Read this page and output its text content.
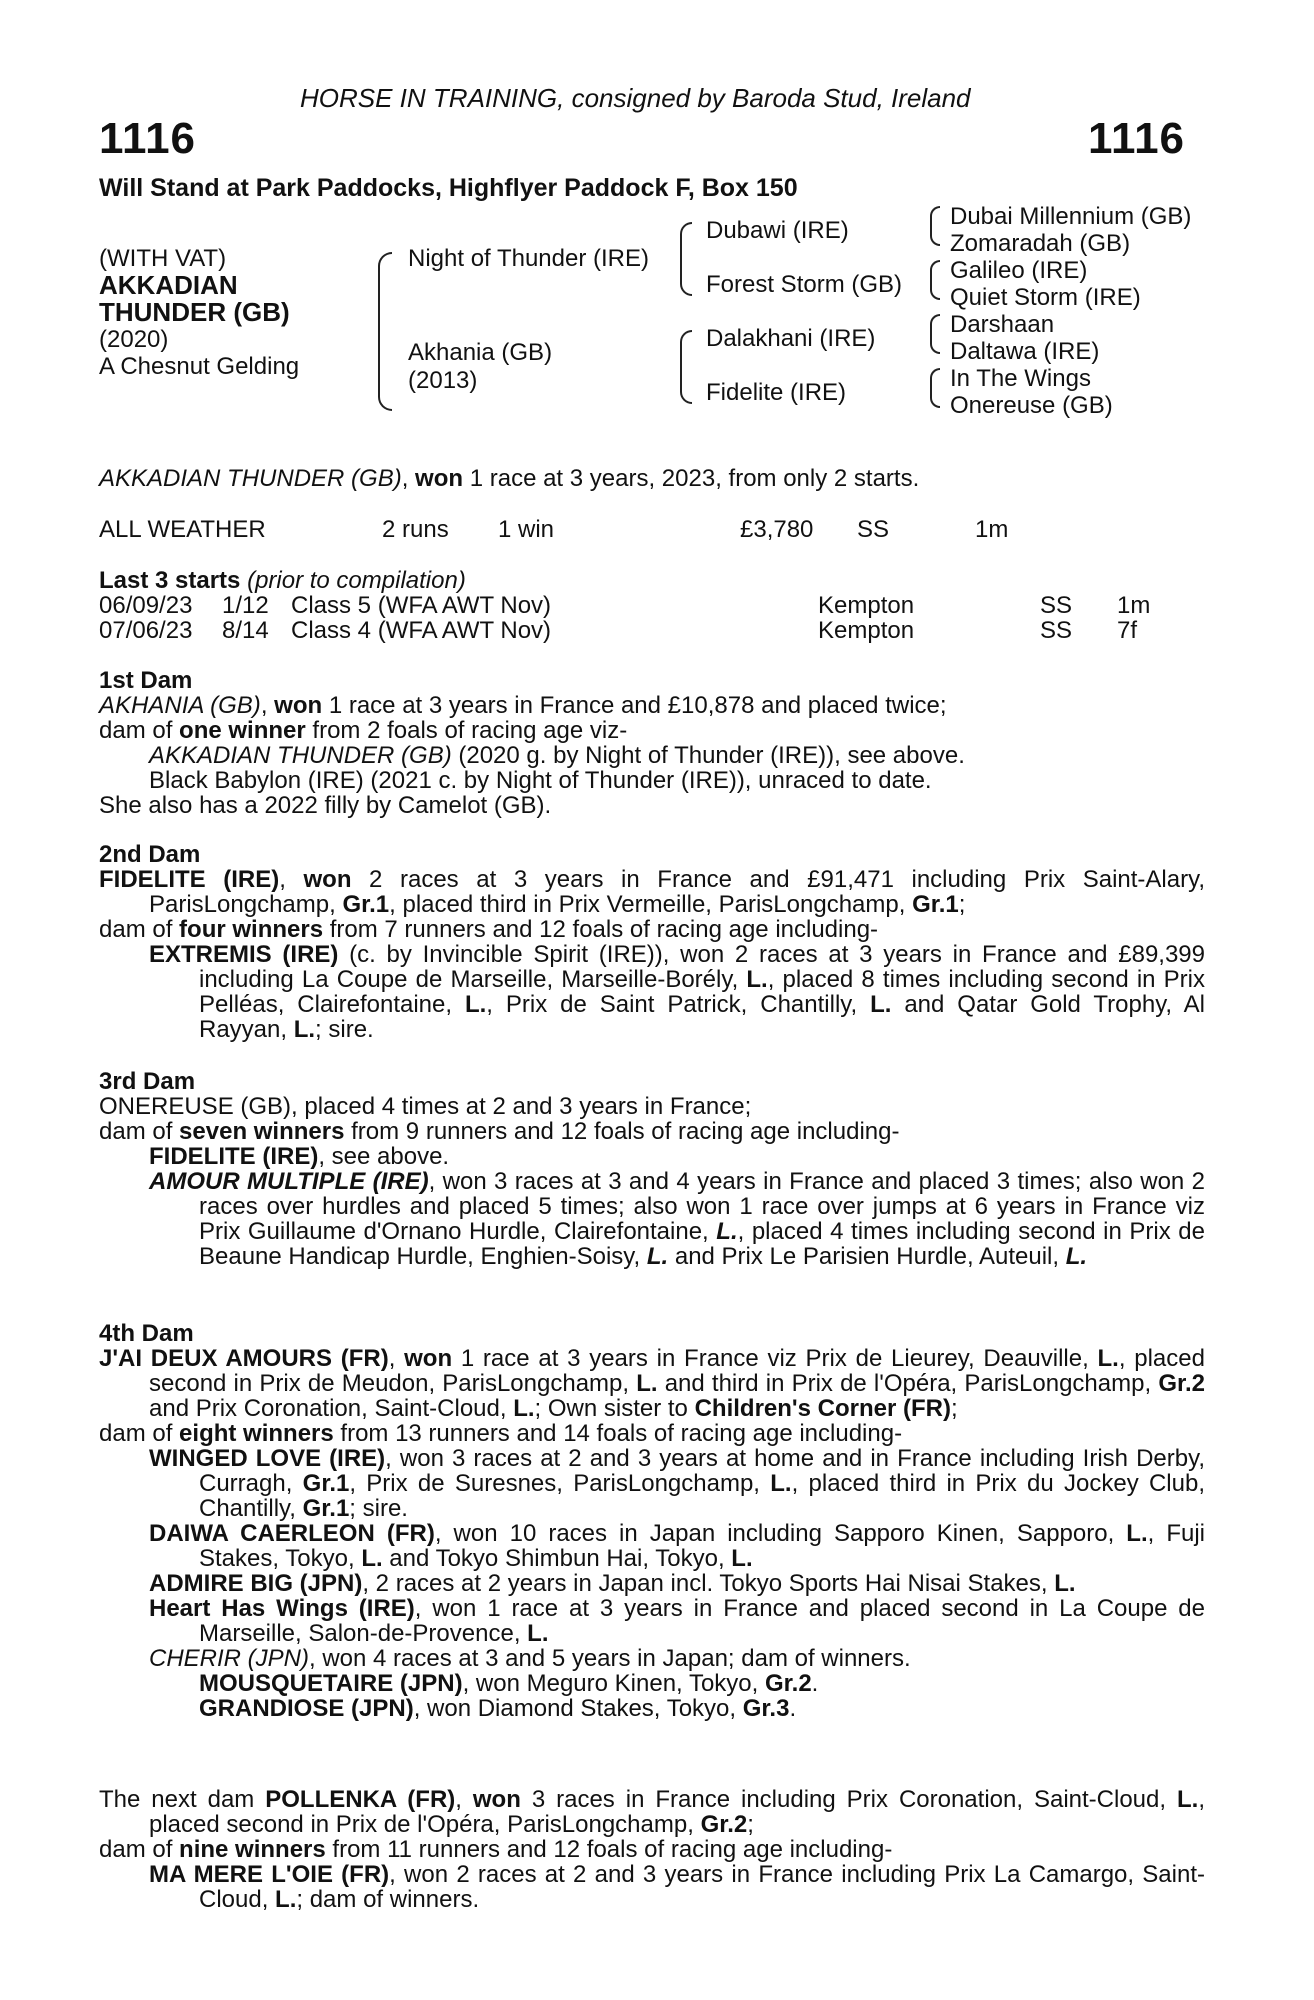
HORSE IN TRAINING, consigned by Baroda Stud, Ireland
1116	1116
Will Stand at Park Paddocks, Highflyer Paddock F, Box 150
(WITH VAT)
AKKADIAN
THUNDER (GB)
(2020)
A Chesnut Gelding
Night of Thunder (IRE)
Akhania (GB)
(2013)
Dubawi (IRE)
Forest Storm (GB)
Dalakhani (IRE)
Fidelite (IRE)
Dubai Millennium (GB)
Zomaradah (GB)
Galileo (IRE)
Quiet Storm (IRE)
Darshaan
Daltawa (IRE)
In The Wings
Onereuse (GB)
AKKADIAN THUNDER (GB), won 1 race at 3 years, 2023, from only 2 starts.
ALL WEATHER	2 runs 1 win	£3,780 SS	1m
Last 3 starts (prior to compilation)
06/09/23 1/12 Class 5 (WFA AWT Nov)	Kempton	SS 1m
07/06/23 8/14 Class 4 (WFA AWT Nov)	Kempton	SS 7f
1st Dam
AKHANIA (GB), won 1 race at 3 years in France and £10,878 and placed twice;
dam of one winner from 2 foals of racing age viz-
AKKADIAN THUNDER (GB) (2020 g. by Night of Thunder (IRE)), see above.
Black Babylon (IRE) (2021 c. by Night of Thunder (IRE)), unraced to date.
She also has a 2022 filly by Camelot (GB).
2nd Dam
FIDELITE (IRE), won 2 races at 3 years in France and £91,471 including Prix Saint-Alary, ParisLongchamp, Gr.1, placed third in Prix Vermeille, ParisLongchamp, Gr.1;
dam of four winners from 7 runners and 12 foals of racing age including-
EXTREMIS (IRE) (c. by Invincible Spirit (IRE)), won 2 races at 3 years in France and £89,399 including La Coupe de Marseille, Marseille-Borély, L., placed 8 times including second in Prix Pelléas, Clairefontaine, L., Prix de Saint Patrick, Chantilly, L. and Qatar Gold Trophy, Al Rayyan, L.; sire.
3rd Dam
ONEREUSE (GB), placed 4 times at 2 and 3 years in France;
dam of seven winners from 9 runners and 12 foals of racing age including-
FIDELITE (IRE), see above.
AMOUR MULTIPLE (IRE), won 3 races at 3 and 4 years in France and placed 3 times; also won 2 races over hurdles and placed 5 times; also won 1 race over jumps at 6 years in France viz Prix Guillaume d'Ornano Hurdle, Clairefontaine, L., placed 4 times including second in Prix de Beaune Handicap Hurdle, Enghien-Soisy, L. and Prix Le Parisien Hurdle, Auteuil, L.
4th Dam
J'AI DEUX AMOURS (FR), won 1 race at 3 years in France viz Prix de Lieurey, Deauville, L., placed second in Prix de Meudon, ParisLongchamp, L. and third in Prix de l'Opéra, ParisLongchamp, Gr.2 and Prix Coronation, Saint-Cloud, L.; Own sister to Children's Corner (FR);
dam of eight winners from 13 runners and 14 foals of racing age including-
WINGED LOVE (IRE), won 3 races at 2 and 3 years at home and in France including Irish Derby, Curragh, Gr.1, Prix de Suresnes, ParisLongchamp, L., placed third in Prix du Jockey Club, Chantilly, Gr.1; sire.
DAIWA CAERLEON (FR), won 10 races in Japan including Sapporo Kinen, Sapporo, L., Fuji Stakes, Tokyo, L. and Tokyo Shimbun Hai, Tokyo, L.
ADMIRE BIG (JPN), 2 races at 2 years in Japan incl. Tokyo Sports Hai Nisai Stakes, L.
Heart Has Wings (IRE), won 1 race at 3 years in France and placed second in La Coupe de Marseille, Salon-de-Provence, L.
CHERIR (JPN), won 4 races at 3 and 5 years in Japan; dam of winners.
MOUSQUETAIRE (JPN), won Meguro Kinen, Tokyo, Gr.2.
GRANDIOSE (JPN), won Diamond Stakes, Tokyo, Gr.3.
The next dam POLLENKA (FR), won 3 races in France including Prix Coronation, Saint-Cloud, L., placed second in Prix de l'Opéra, ParisLongchamp, Gr.2;
dam of nine winners from 11 runners and 12 foals of racing age including-
MA MERE L'OIE (FR), won 2 races at 2 and 3 years in France including Prix La Camargo, Saint-Cloud, L.; dam of winners.
